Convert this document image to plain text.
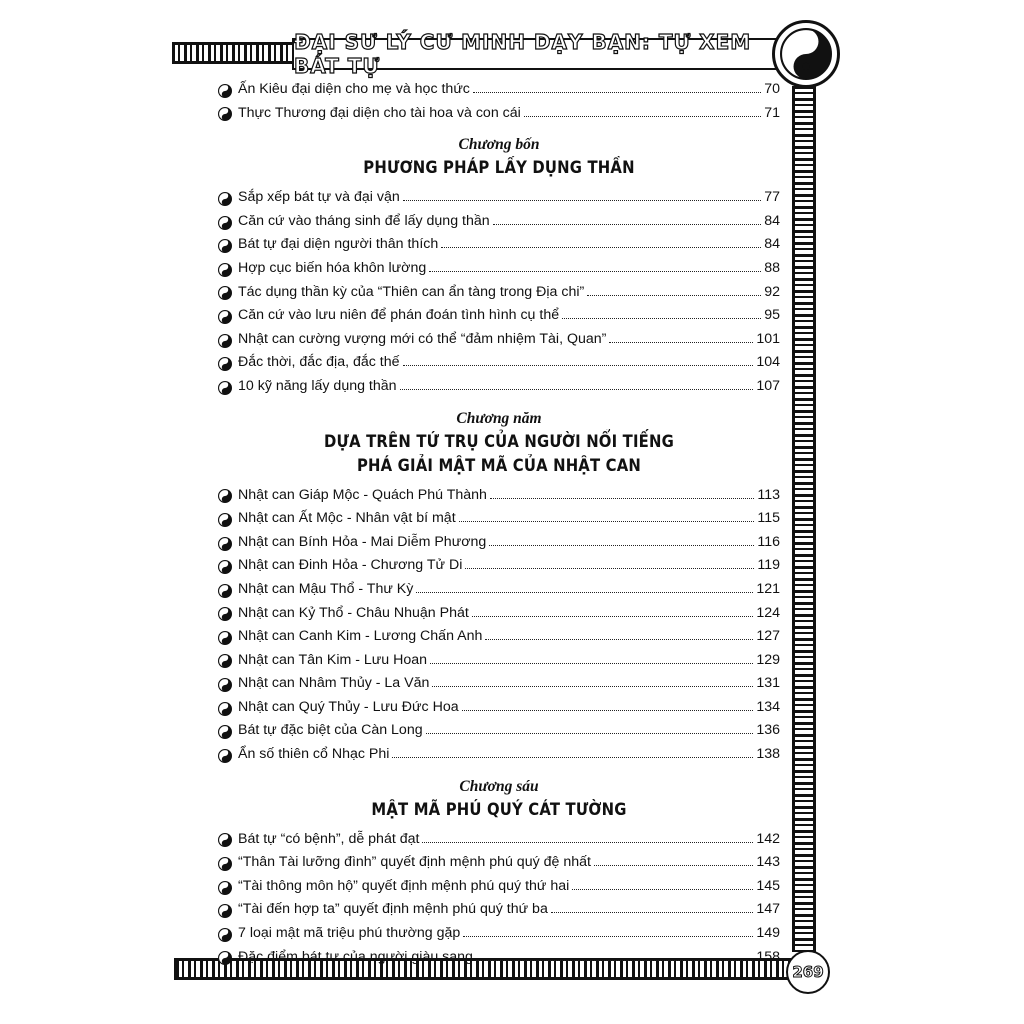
ĐẠI SƯ LÝ CƯ MINH DẠY BẠN: TỰ XEM BÁT TỰ
269
Ấn Kiêu đại diện cho mẹ và học thức	70
Thực Thương đại diện cho tài hoa và con cái	71
Chương bốn
PHƯƠNG PHÁP LẤY DỤNG THẦN
Sắp xếp bát tự và đại vận	77
Căn cứ vào tháng sinh để lấy dụng thần	84
Bát tự đại diện người thân thích	84
Hợp cục biến hóa khôn lường	88
Tác dụng thần kỳ của “Thiên can ẩn tàng trong Địa chi”	92
Căn cứ vào lưu niên để phán đoán tình hình cụ thể	95
Nhật can cường vượng mới có thể “đảm nhiệm Tài, Quan”	101
Đắc thời, đắc địa, đắc thế	104
10 kỹ năng lấy dụng thần	107
Chương năm
DỰA TRÊN TỨ TRỤ CỦA NGƯỜI NỔI TIẾNG
PHÁ GIẢI MẬT MÃ CỦA NHẬT CAN
Nhật can Giáp Mộc - Quách Phú Thành	113
Nhật can Ất Mộc - Nhân vật bí mật	115
Nhật can Bính Hỏa - Mai Diễm Phương	116
Nhật can Đinh Hỏa - Chương Tử Di	119
Nhật can Mậu Thổ - Thư Kỳ	121
Nhật can Kỷ Thổ - Châu Nhuận Phát	124
Nhật can Canh Kim - Lương Chấn Anh	127
Nhật can Tân Kim - Lưu Hoan	129
Nhật can Nhâm Thủy - La Văn	131
Nhật can Quý Thủy - Lưu Đức Hoa	134
Bát tự đặc biệt của Càn Long	136
Ẩn số thiên cổ Nhạc Phi	138
Chương sáu
MẬT MÃ PHÚ QUÝ CÁT TƯỜNG
Bát tự “có bệnh”, dễ phát đạt	142
“Thân Tài lưỡng đình” quyết định mệnh phú quý đệ nhất	143
“Tài thông môn hộ” quyết định mệnh phú quý thứ hai	145
“Tài đến hợp ta” quyết định mệnh phú quý thứ ba	147
7 loại mật mã triệu phú thường gặp	149
Đặc điểm bát tự của người giàu sang	158
